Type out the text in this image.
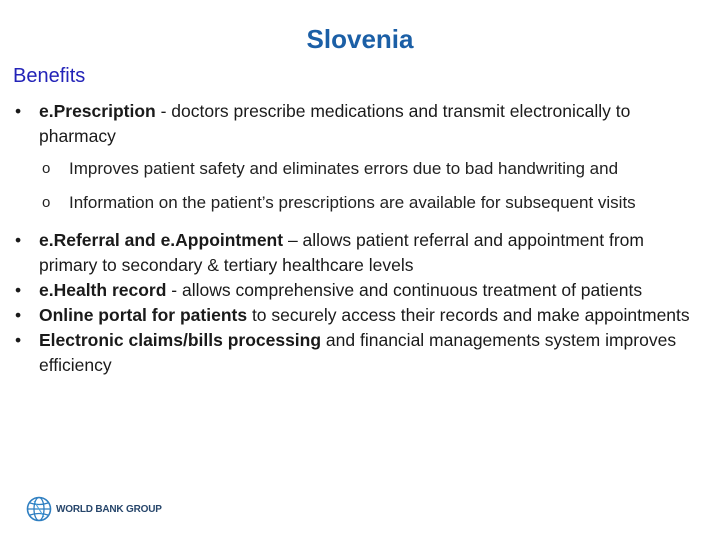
Slovenia
Benefits
• e.Prescription - doctors prescribe medications and transmit electronically to pharmacy
o Improves patient safety and eliminates errors due to bad handwriting and
o Information on the patient’s prescriptions are available for subsequent visits
• e.Referral and e.Appointment – allows patient referral and appointment from primary to secondary & tertiary healthcare levels
• e.Health record - allows comprehensive and continuous treatment of patients
• Online portal for patients to securely access their records and make appointments
• Electronic claims/bills processing and financial managements system improves efficiency
WORLD BANK GROUP
